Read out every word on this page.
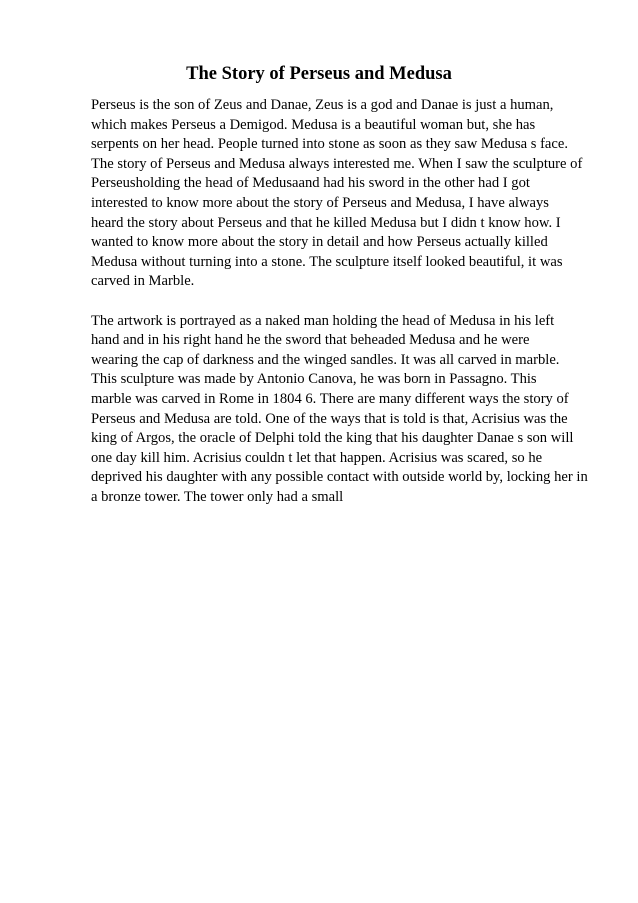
The Story of Perseus and Medusa
Perseus is the son of Zeus and Danae, Zeus is a god and Danae is just a human,
which makes Perseus a Demigod. Medusa is a beautiful woman but, she has
serpents on her head. People turned into stone as soon as they saw Medusa s face.
The story of Perseus and Medusa always interested me. When I saw the sculpture of
Perseusholding the head of Medusaand had his sword in the other had I got
interested to know more about the story of Perseus and Medusa, I have always
heard the story about Perseus and that he killed Medusa but I didn t know how. I
wanted to know more about the story in detail and how Perseus actually killed
Medusa without turning into a stone. The sculpture itself looked beautiful, it was
carved in Marble.
The artwork is portrayed as a naked man holding the head of Medusa in his left
hand and in his right hand he the sword that beheaded Medusa and he were
wearing the cap of darkness and the winged sandles. It was all carved in marble.
This sculpture was made by Antonio Canova, he was born in Passagno. This
marble was carved in Rome in 1804 6. There are many different ways the story of
Perseus and Medusa are told. One of the ways that is told is that, Acrisius was the
king of Argos, the oracle of Delphi told the king that his daughter Danae s son will
one day kill him. Acrisius couldn t let that happen. Acrisius was scared, so he
deprived his daughter with any possible contact with outside world by, locking her in
a bronze tower. The tower only had a small
